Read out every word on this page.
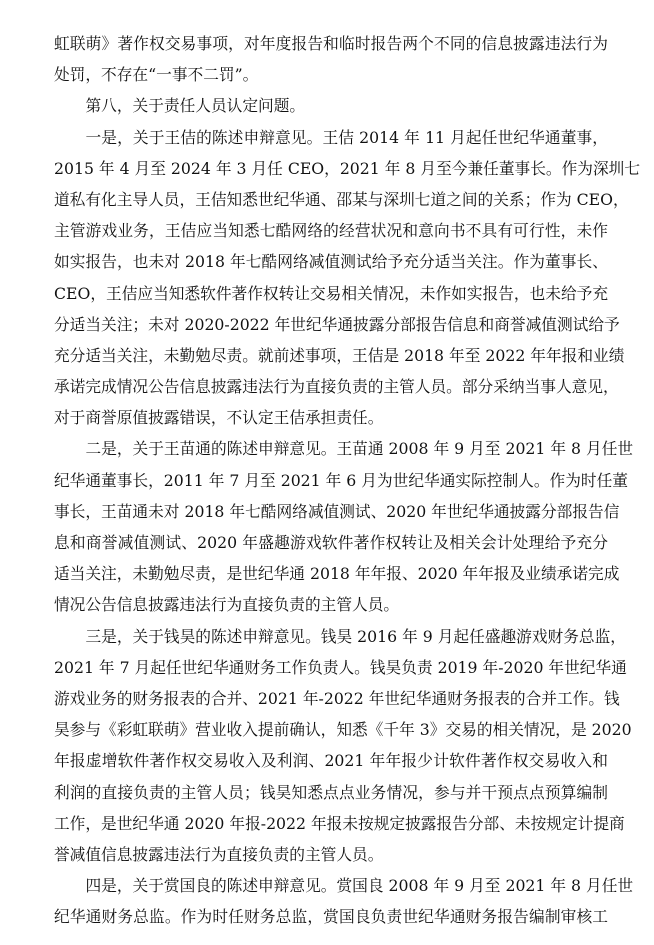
虹联萌》著作权交易事项，对年度报告和临时报告两个不同的信息披露违法行为
处罚，不存在“一事不二罚”。
第八，关于责任人员认定问题。
一是，关于王佶的陈述申辩意见。王佶 2014 年 11 月起任世纪华通董事，
2015 年 4 月至 2024 年 3 月任 CEO，2021 年 8 月至今兼任董事长。作为深圳七
道私有化主导人员，王佶知悉世纪华通、邵某与深圳七道之间的关系；作为 CEO，
主管游戏业务，王佶应当知悉七酷网络的经营状况和意向书不具有可行性，未作
如实报告，也未对 2018 年七酷网络减值测试给予充分适当关注。作为董事长、
CEO，王佶应当知悉软件著作权转让交易相关情况，未作如实报告，也未给予充
分适当关注；未对 2020-2022 年世纪华通披露分部报告信息和商誉减值测试给予
充分适当关注，未勤勉尽责。就前述事项，王佶是 2018 年至 2022 年年报和业绩
承诺完成情况公告信息披露违法行为直接负责的主管人员。部分采纳当事人意见，
对于商誉原值披露错误，不认定王佶承担责任。
二是，关于王苗通的陈述申辩意见。王苗通 2008 年 9 月至 2021 年 8 月任世
纪华通董事长，2011 年 7 月至 2021 年 6 月为世纪华通实际控制人。作为时任董
事长，王苗通未对 2018 年七酷网络减值测试、2020 年世纪华通披露分部报告信
息和商誉减值测试、2020 年盛趣游戏软件著作权转让及相关会计处理给予充分
适当关注，未勤勉尽责，是世纪华通 2018 年年报、2020 年年报及业绩承诺完成
情况公告信息披露违法行为直接负责的主管人员。
三是，关于钱昊的陈述申辩意见。钱昊 2016 年 9 月起任盛趣游戏财务总监，
2021 年 7 月起任世纪华通财务工作负责人。钱昊负责 2019 年-2020 年世纪华通
游戏业务的财务报表的合并、2021 年-2022 年世纪华通财务报表的合并工作。钱
昊参与《彩虹联萌》营业收入提前确认，知悉《千年 3》交易的相关情况，是 2020
年报虚增软件著作权交易收入及利润、2021 年年报少计软件著作权交易收入和
利润的直接负责的主管人员；钱昊知悉点点业务情况，参与并干预点点预算编制
工作，是世纪华通 2020 年报-2022 年报未按规定披露报告分部、未按规定计提商
誉减值信息披露违法行为直接负责的主管人员。
四是，关于赏国良的陈述申辩意见。赏国良 2008 年 9 月至 2021 年 8 月任世
纪华通财务总监。作为时任财务总监，赏国良负责世纪华通财务报告编制审核工
